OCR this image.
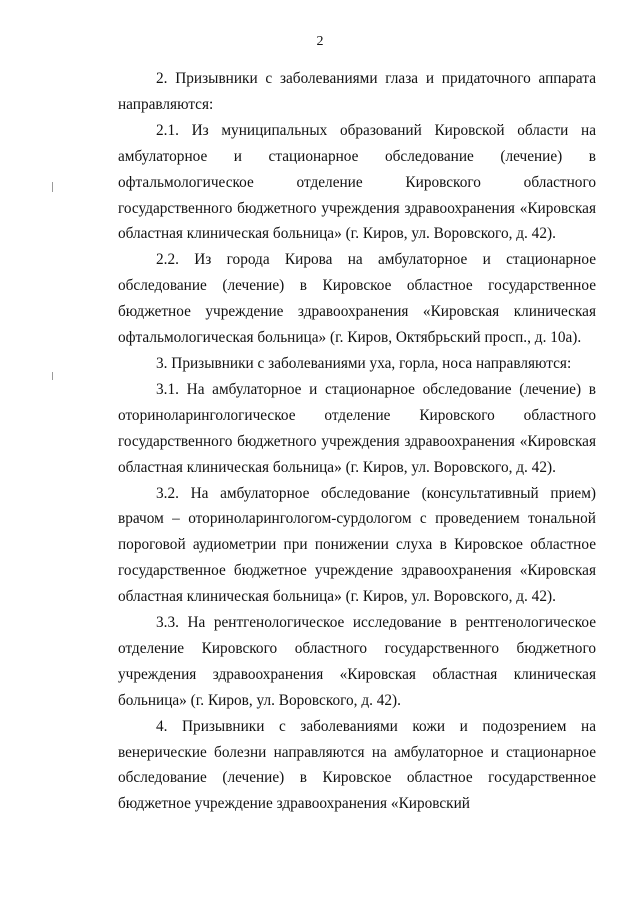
2

2. Призывники с заболеваниями глаза и придаточного аппарата направляются:

2.1. Из муниципальных образований Кировской области на амбулаторное и стационарное обследование (лечение) в офтальмологическое отделение Кировского областного государственного бюджетного учреждения здравоохранения «Кировская областная клиническая больница» (г. Киров, ул. Воровского, д. 42).

2.2. Из города Кирова на амбулаторное и стационарное обследование (лечение) в Кировское областное государственное бюджетное учреждение здравоохранения «Кировская клиническая офтальмологическая больница» (г. Киров, Октябрьский просп., д. 10а).

3. Призывники с заболеваниями уха, горла, носа направляются:

3.1. На амбулаторное и стационарное обследование (лечение) в оториноларингологическое отделение Кировского областного государственного бюджетного учреждения здравоохранения «Кировская областная клиническая больница» (г. Киров, ул. Воровского, д. 42).

3.2. На амбулаторное обследование (консультативный прием) врачом – оториноларингологом-сурдологом с проведением тональной пороговой аудиометрии при понижении слуха в Кировское областное государственное бюджетное учреждение здравоохранения «Кировская областная клиническая больница» (г. Киров, ул. Воровского, д. 42).

3.3. На рентгенологическое исследование в рентгенологическое отделение Кировского областного государственного бюджетного учреждения здравоохранения «Кировская областная клиническая больница» (г. Киров, ул. Воровского, д. 42).

4. Призывники с заболеваниями кожи и подозрением на венерические болезни направляются на амбулаторное и стационарное обследование (лечение) в Кировское областное государственное бюджетное учреждение здравоохранения «Кировский
